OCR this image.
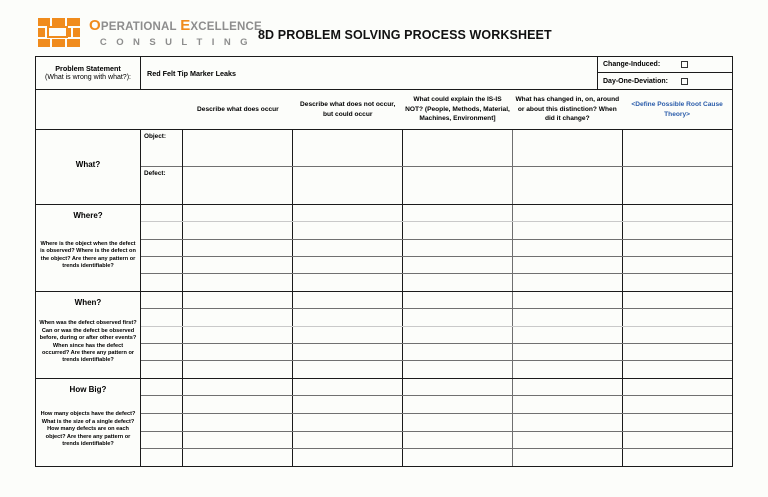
OPERATIONAL EXCELLENCE
C O N S U L T I N G
8D PROBLEM SOLVING PROCESS WORKSHEET
Problem Statement
(What is wrong with what?):	Red Felt Tip Marker Leaks
Change-Induced:
Day-One-Deviation:
Describe what does occur
Describe what does not occur, but could occur
What could explain the IS-IS NOT? (People, Methods, Material, Machines, Environment]
What has changed in, on, around or about this distinction? When did it change?
<Define Possible Root Cause Theory>
What?
Object:
Defect:
Where?
Where is the object when the defect is observed? Where is the defect on the object? Are there any pattern or trends identifiable?
When?
When was the defect observed first? Can or was the defect be observed before, during or after other events? When since has the defect occurred? Are there any pattern or trends identifiable?
How Big?
How many objects have the defect? What is the size of a single defect? How many defects are on each object? Are there any pattern or trends identifiable?
